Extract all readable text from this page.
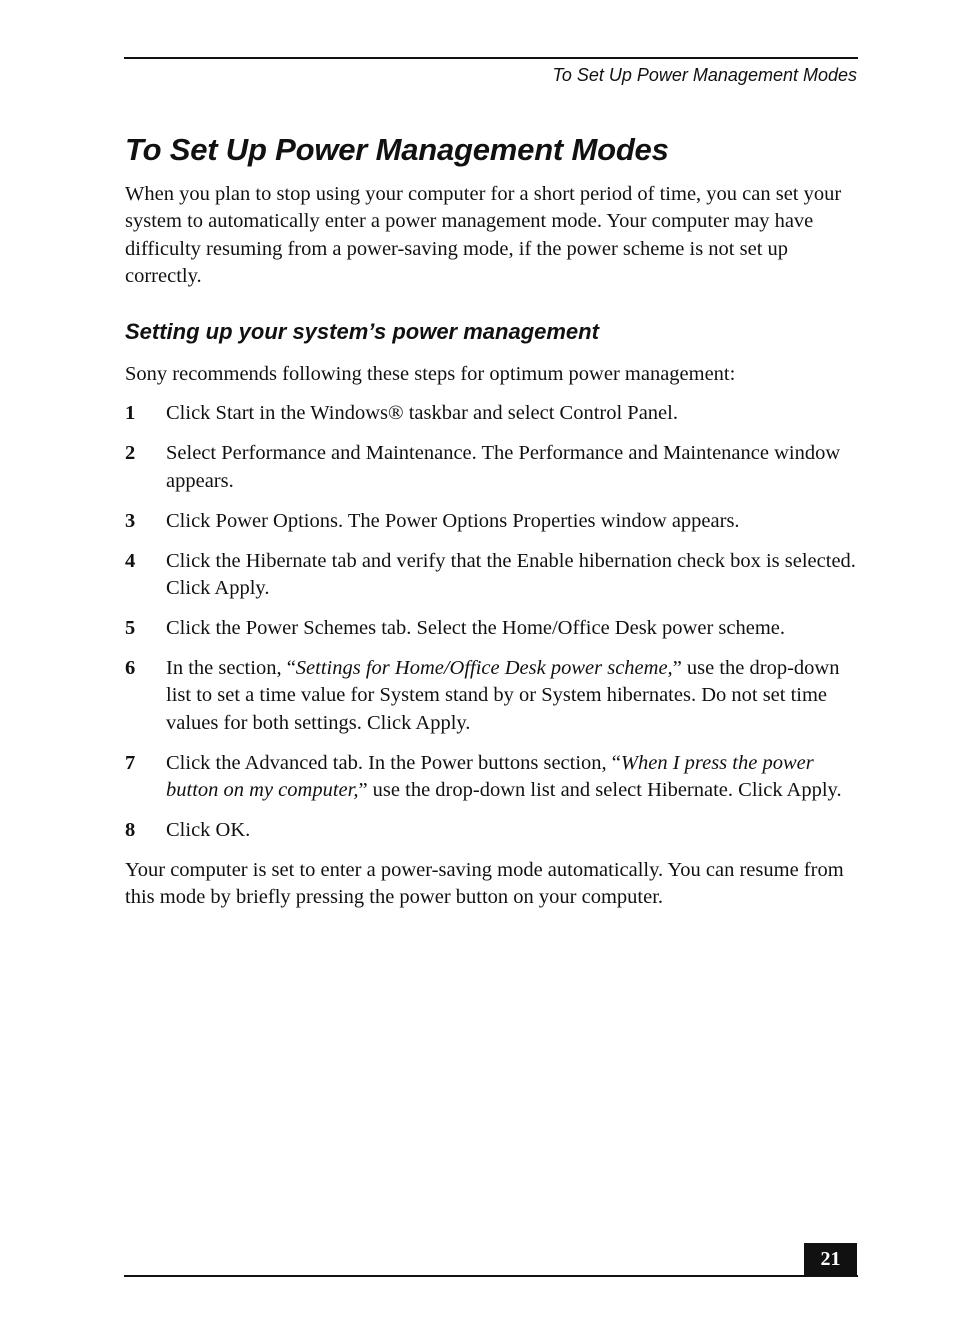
To Set Up Power Management Modes
To Set Up Power Management Modes

When you plan to stop using your computer for a short period of time, you can set your system to automatically enter a power management mode. Your computer may have difficulty resuming from a power-saving mode, if the power scheme is not set up correctly.

Setting up your system’s power management

Sony recommends following these steps for optimum power management:

1 Click Start in the Windows® taskbar and select Control Panel.
2 Select Performance and Maintenance. The Performance and Maintenance window appears.
3 Click Power Options. The Power Options Properties window appears.
4 Click the Hibernate tab and verify that the Enable hibernation check box is selected. Click Apply.
5 Click the Power Schemes tab. Select the Home/Office Desk power scheme.
6 In the section, “Settings for Home/Office Desk power scheme,” use the drop-down list to set a time value for System stand by or System hibernates. Do not set time values for both settings. Click Apply.
7 Click the Advanced tab. In the Power buttons section, “When I press the power button on my computer,” use the drop-down list and select Hibernate. Click Apply.
8 Click OK.

Your computer is set to enter a power-saving mode automatically. You can resume from this mode by briefly pressing the power button on your computer.

21
